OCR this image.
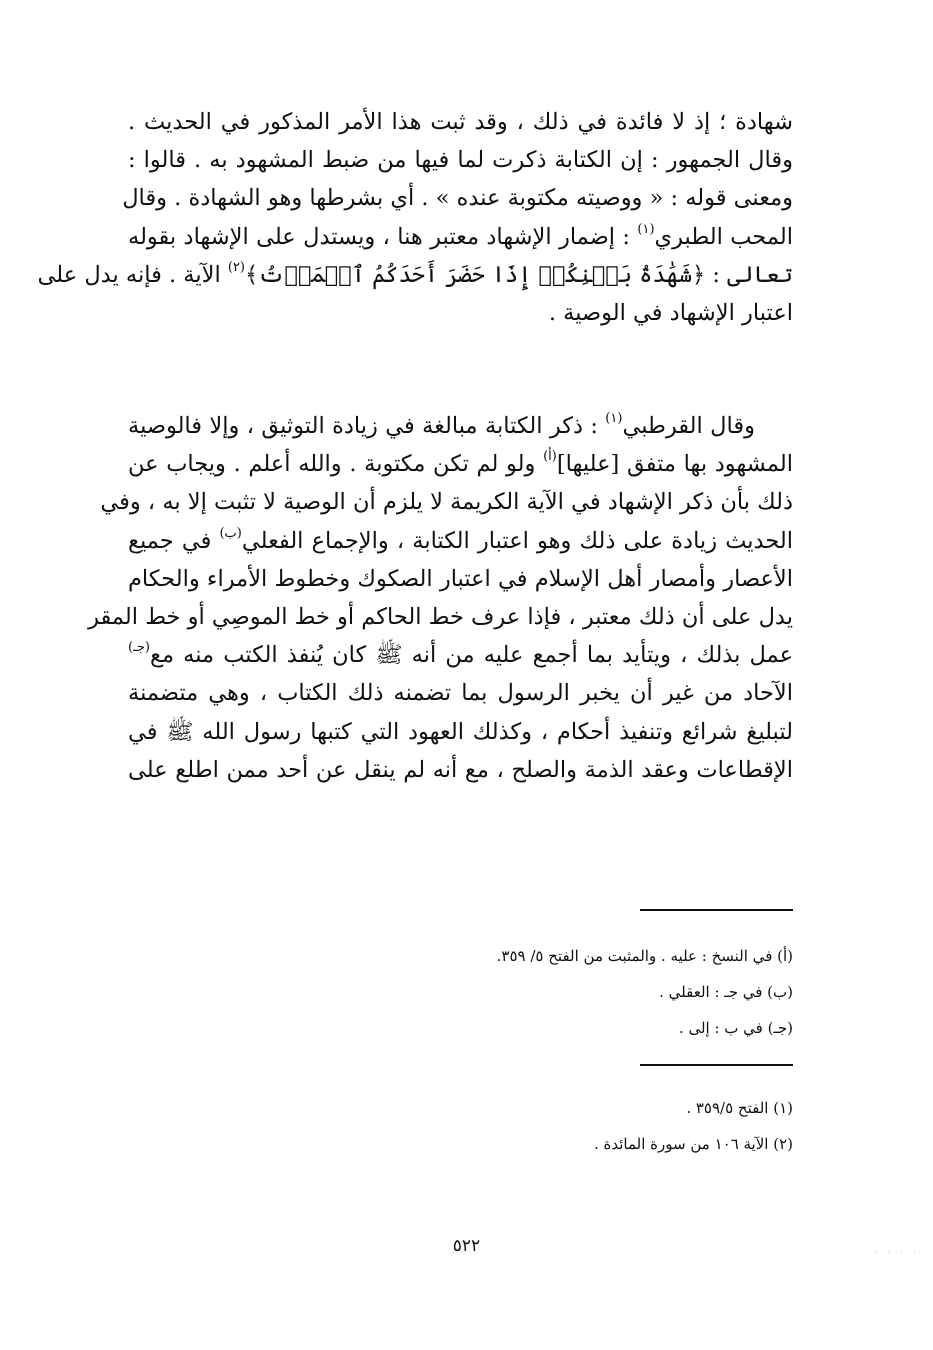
شهادة ؛ إذ لا فائدة في ذلك ، وقد ثبت هذا الأمر المذكور في الحديث .
وقال الجمهور : إن الكتابة ذكرت لما فيها من ضبط المشهود به . قالوا :
ومعنى قوله : « ووصيته مكتوبة عنده » . أي بشرطها وهو الشهادة . وقال
المحب الطبري$^{(١)}$ : إضمار الإشهاد معتبر هنا ، ويستدل على الإشهاد بقوله
تعالى : ﴿شَهَٰدَةُ بَيۡنِكُمۡ إِذَا حَضَرَ أَحَدَكُمُ ٱلۡمَوۡتُ﴾$^{(٢)}$ الآية . فإنه يدل على
اعتبار الإشهاد في الوصية .
وقال القرطبي$^{(١)}$ : ذكر الكتابة مبالغة في زيادة التوثيق ، وإلا فالوصية
المشهود بها متفق [عليها]$^{(أ)}$ ولو لم تكن مكتوبة . والله أعلم . ويجاب عن
ذلك بأن ذكر الإشهاد في الآية الكريمة لا يلزم أن الوصية لا تثبت إلا به ، وفي
الحديث زيادة على ذلك وهو اعتبار الكتابة ، والإجماع الفعلي$^{(ب)}$ في جميع
الأعصار وأمصار أهل الإسلام في اعتبار الصكوك وخطوط الأمراء والحكام
يدل على أن ذلك معتبر ، فإذا عرف خط الحاكم أو خط الموصِي أو خط المقر
عمل بذلك ، ويتأيد بما أجمع عليه من أنه ﷺ كان يُنفذ الكتب منه مع$^{(جـ)}$
الآحاد من غير أن يخبر الرسول بما تضمنه ذلك الكتاب ، وهي متضمنة
لتبليغ شرائع وتنفيذ أحكام ، وكذلك العهود التي كتبها رسول الله ﷺ في
الإقطاعات وعقد الذمة والصلح ، مع أنه لم ينقل عن أحد ممن اطلع على
(أ) في النسخ : عليه . والمثبت من الفتح ٥/ ٣٥٩.
(ب) في جـ : العقلي .
(جـ) في ب : إلى .
(١) الفتح ٣٥٩/٥ .
(٢) الآية ١٠٦ من سورة المائدة .
٥٢٢	. . . .
